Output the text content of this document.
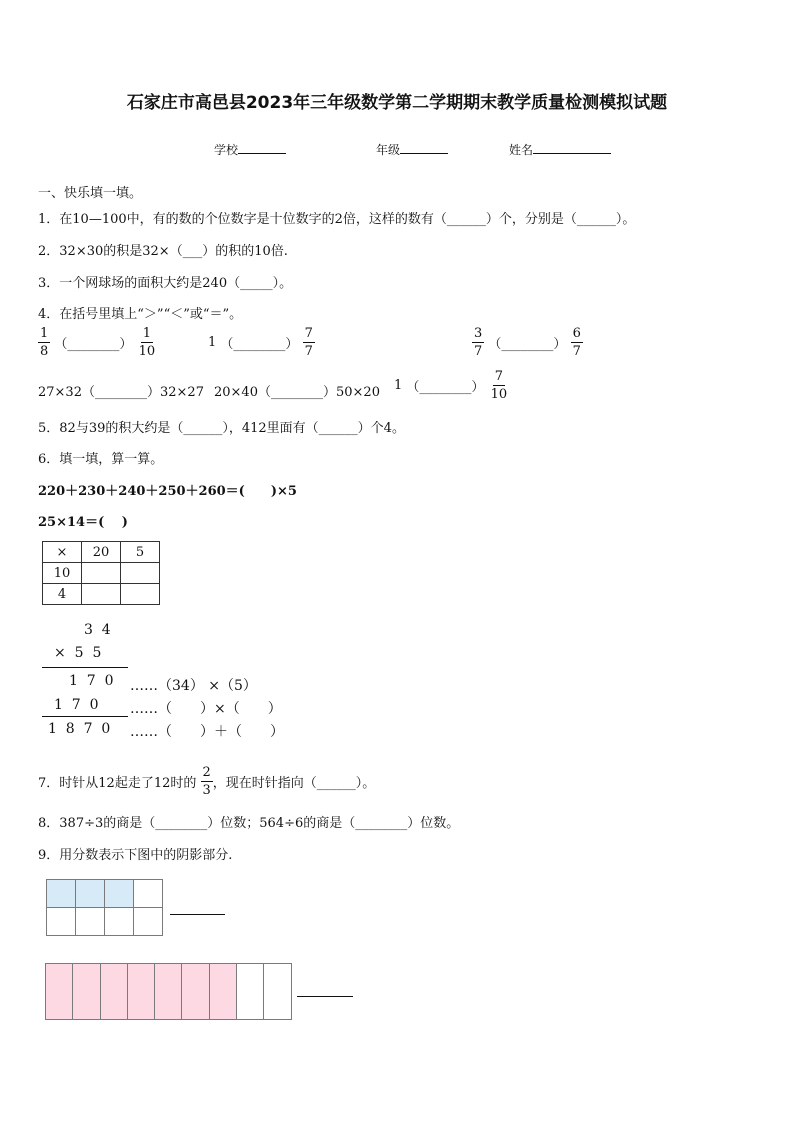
石家庄市高邑县2023年三年级数学第二学期期末教学质量检测模拟试题
学校	年级	姓名
一、快乐填一填。
1．在10—100中，有的数的个位数字是十位数字的2倍，这样的数有（______）个，分别是（______）。
2．32×30的积是32×（___）的积的10倍.
3．一个网球场的面积大约是240（_____）。
4．在括号里填上“＞”“＜”或“＝”。
$\frac{1}{8}$ （________） $\frac{1}{10}$	1 （________） $\frac{7}{7}$	$\frac{3}{7}$ （________） $\frac{6}{7}$
27×32（________）32×27 20×40（________）50×20 1 （________） $\frac{7}{10}$
5．82与39的积大约是（______），412里面有（______）个4。
6．填一填，算一算。
220＋230＋240＋250＋260＝(　　)×5
25×14＝(　 )
×	20	5
10		
4		
3  4
×  5  5
1  7  0
1  7  0
1  8  7  0
……（34） ×（5）
……（　　）×（　　）
……（　　）＋（　　）
7．时针从12起走了12时的 $\frac{2}{3}$ ，现在时针指向（______）。
8．387÷3的商是（________）位数；564÷6的商是（________）位数。
9．用分数表示下图中的阴影部分.
